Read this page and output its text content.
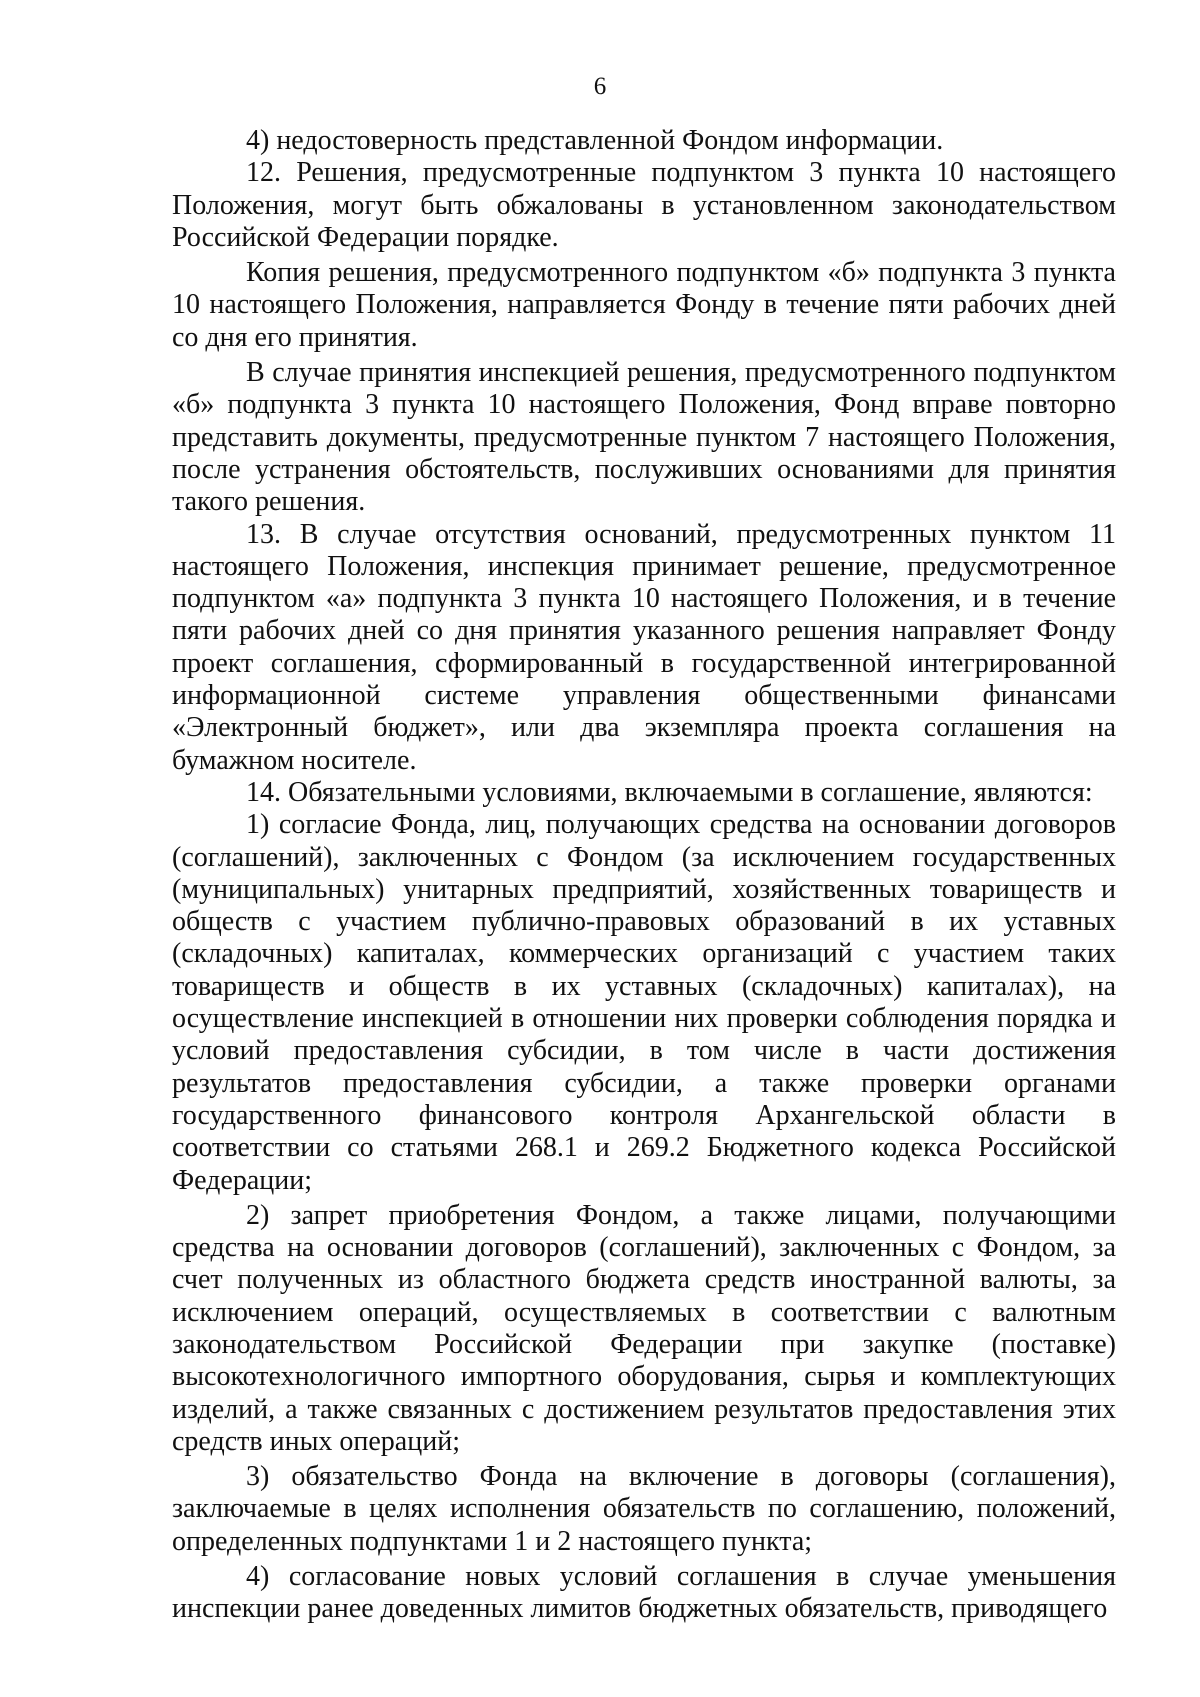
6

4) недостоверность представленной Фондом информации.

12. Решения, предусмотренные подпунктом 3 пункта 10 настоящего Положения, могут быть обжалованы в установленном законодательством Российской Федерации порядке.

Копия решения, предусмотренного подпунктом «б» подпункта 3 пункта 10 настоящего Положения, направляется Фонду в течение пяти рабочих дней со дня его принятия.

В случае принятия инспекцией решения, предусмотренного подпунктом «б» подпункта 3 пункта 10 настоящего Положения, Фонд вправе повторно представить документы, предусмотренные пунктом 7 настоящего Положения, после устранения обстоятельств, послуживших основаниями для принятия такого решения.

13. В случае отсутствия оснований, предусмотренных пунктом 11 настоящего Положения, инспекция принимает решение, предусмотренное подпунктом «а» подпункта 3 пункта 10 настоящего Положения, и в течение пяти рабочих дней со дня принятия указанного решения направляет Фонду проект соглашения, сформированный в государственной интегрированной информационной системе управления общественными финансами «Электронный бюджет», или два экземпляра проекта соглашения на бумажном носителе.

14. Обязательными условиями, включаемыми в соглашение, являются:

1) согласие Фонда, лиц, получающих средства на основании договоров (соглашений), заключенных с Фондом (за исключением государственных (муниципальных) унитарных предприятий, хозяйственных товариществ и обществ с участием публично-правовых образований в их уставных (складочных) капиталах, коммерческих организаций с участием таких товариществ и обществ в их уставных (складочных) капиталах), на осуществление инспекцией в отношении них проверки соблюдения порядка и условий предоставления субсидии, в том числе в части достижения результатов предоставления субсидии, а также проверки органами государственного финансового контроля Архангельской области в соответствии со статьями 268.1 и 269.2 Бюджетного кодекса Российской Федерации;

2) запрет приобретения Фондом, а также лицами, получающими средства на основании договоров (соглашений), заключенных с Фондом, за счет полученных из областного бюджета средств иностранной валюты, за исключением операций, осуществляемых в соответствии с валютным законодательством Российской Федерации при закупке (поставке) высокотехнологичного импортного оборудования, сырья и комплектующих изделий, а также связанных с достижением результатов предоставления этих средств иных операций;

3) обязательство Фонда на включение в договоры (соглашения), заключаемые в целях исполнения обязательств по соглашению, положений, определенных подпунктами 1 и 2 настоящего пункта;

4) согласование новых условий соглашения в случае уменьшения инспекции ранее доведенных лимитов бюджетных обязательств, приводящего
